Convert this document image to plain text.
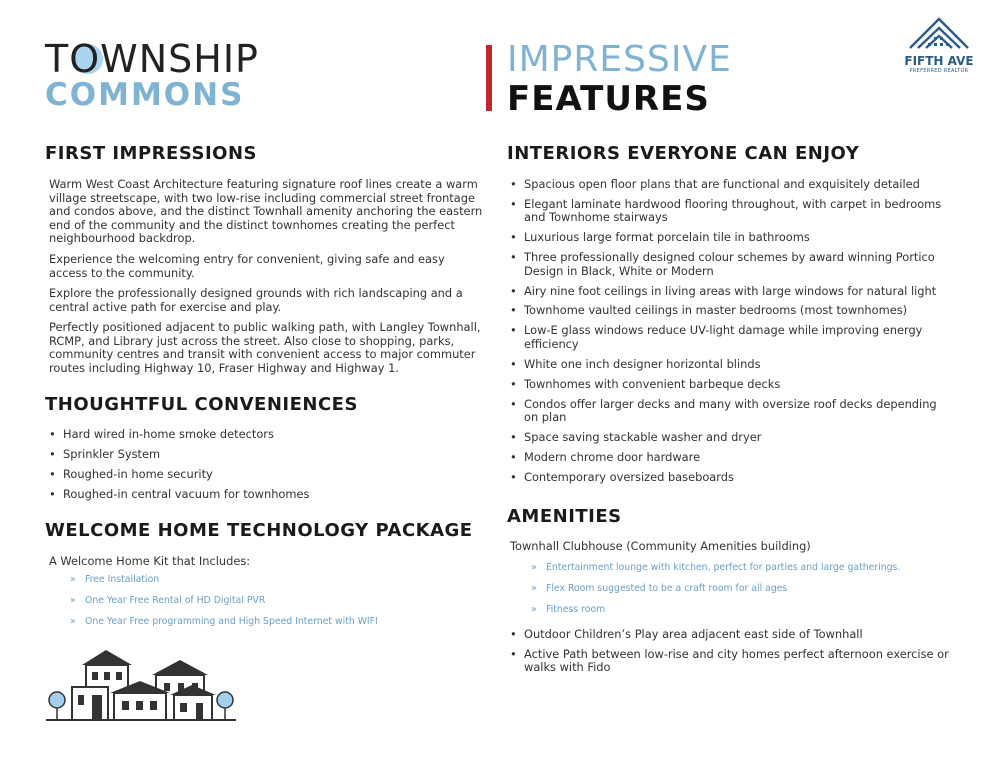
TOWNSHIP
COMMONS
IMPRESSIVE
FEATURES
FIFTH AVE
PREFERRED REALTOR
FIRST IMPRESSIONS
Warm West Coast Architecture featuring signature roof lines create a warm village streetscape, with two low-rise including commercial street frontage and condos above, and the distinct Townhall amenity anchoring the eastern end of the community and the distinct townhomes creating the perfect neighbourhood backdrop.
Experience the welcoming entry for convenient, giving safe and easy access to the community.
Explore the professionally designed grounds with rich landscaping and a central active path for exercise and play.
Perfectly positioned adjacent to public walking path, with Langley Townhall, RCMP, and Library just across the street. Also close to shopping, parks, community centres and transit with convenient access to major commuter routes including Highway 10, Fraser Highway and Highway 1.
THOUGHTFUL CONVENIENCES
• Hard wired in-home smoke detectors
• Sprinkler System
• Roughed-in home security
• Roughed-in central vacuum for townhomes
WELCOME HOME TECHNOLOGY PACKAGE
A Welcome Home Kit that Includes:
» Free Installation
» One Year Free Rental of HD Digital PVR
» One Year Free programming and High Speed Internet with WIFI
INTERIORS EVERYONE CAN ENJOY
• Spacious open floor plans that are functional and exquisitely detailed
• Elegant laminate hardwood flooring throughout, with carpet in bedrooms and Townhome stairways
• Luxurious large format porcelain tile in bathrooms
• Three professionally designed colour schemes by award winning Portico Design in Black, White or Modern
• Airy nine foot ceilings in living areas with large windows for natural light
• Townhome vaulted ceilings in master bedrooms (most townhomes)
• Low-E glass windows reduce UV-light damage while improving energy efficiency
• White one inch designer horizontal blinds
• Townhomes with convenient barbeque decks
• Condos offer larger decks and many with oversize roof decks depending on plan
• Space saving stackable washer and dryer
• Modern chrome door hardware
• Contemporary oversized baseboards
AMENITIES
Townhall Clubhouse (Community Amenities building)
» Entertainment lounge with kitchen, perfect for parties and large gatherings.
» Flex Room suggested to be a craft room for all ages
» Fitness room
• Outdoor Children’s Play area adjacent east side of Townhall
• Active Path between low-rise and city homes perfect afternoon exercise or walks with Fido
